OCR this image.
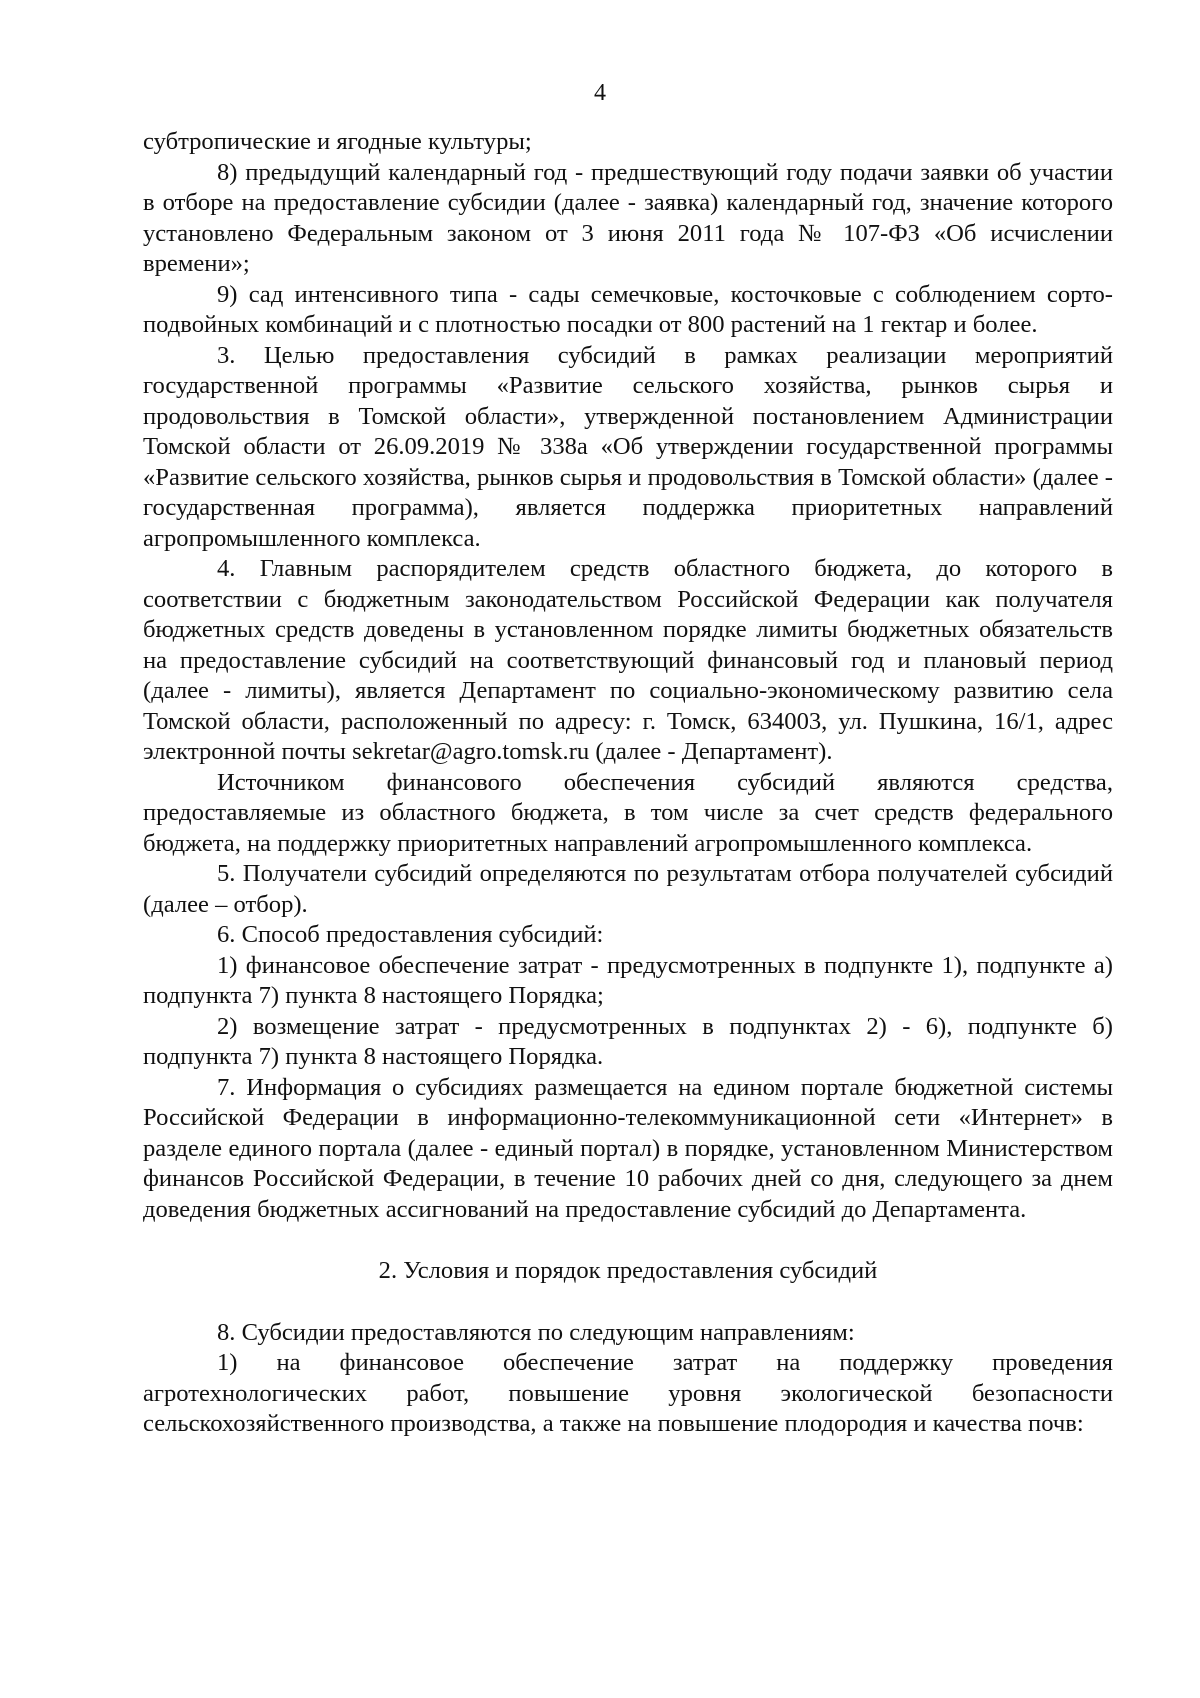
4

субтропические и ягодные культуры;

8) предыдущий календарный год - предшествующий году подачи заявки об участии в отборе на предоставление субсидии (далее - заявка) календарный год, значение которого установлено Федеральным законом от 3 июня 2011 года № 107-ФЗ «Об исчислении времени»;

9) сад интенсивного типа - сады семечковые, косточковые с соблюдением сорто-подвойных комбинаций и с плотностью посадки от 800 растений на 1 гектар и более.

3. Целью предоставления субсидий в рамках реализации мероприятий государственной программы «Развитие сельского хозяйства, рынков сырья и продовольствия в Томской области», утвержденной постановлением Администрации Томской области от 26.09.2019 № 338а «Об утверждении государственной программы «Развитие сельского хозяйства, рынков сырья и продовольствия в Томской области» (далее - государственная программа), является поддержка приоритетных направлений агропромышленного комплекса.

4. Главным распорядителем средств областного бюджета, до которого в соответствии с бюджетным законодательством Российской Федерации как получателя бюджетных средств доведены в установленном порядке лимиты бюджетных обязательств на предоставление субсидий на соответствующий финансовый год и плановый период (далее - лимиты), является Департамент по социально-экономическому развитию села Томской области, расположенный по адресу: г. Томск, 634003, ул. Пушкина, 16/1, адрес электронной почты sekretar@agro.tomsk.ru (далее - Департамент).

Источником финансового обеспечения субсидий являются средства, предоставляемые из областного бюджета, в том числе за счет средств федерального бюджета, на поддержку приоритетных направлений агропромышленного комплекса.

5. Получатели субсидий определяются по результатам отбора получателей субсидий (далее – отбор).

6. Способ предоставления субсидий:

1) финансовое обеспечение затрат - предусмотренных в подпункте 1), подпункте а) подпункта 7) пункта 8 настоящего Порядка;

2) возмещение затрат - предусмотренных в подпунктах 2) - 6), подпункте б) подпункта 7) пункта 8 настоящего Порядка.

7. Информация о субсидиях размещается на едином портале бюджетной системы Российской Федерации в информационно-телекоммуникационной сети «Интернет» в разделе единого портала (далее - единый портал) в порядке, установленном Министерством финансов Российской Федерации, в течение 10 рабочих дней со дня, следующего за днем доведения бюджетных ассигнований на предоставление субсидий до Департамента.

2. Условия и порядок предоставления субсидий

8. Субсидии предоставляются по следующим направлениям:

1) на финансовое обеспечение затрат на поддержку проведения агротехнологических работ, повышение уровня экологической безопасности сельскохозяйственного производства, а также на повышение плодородия и качества почв:
